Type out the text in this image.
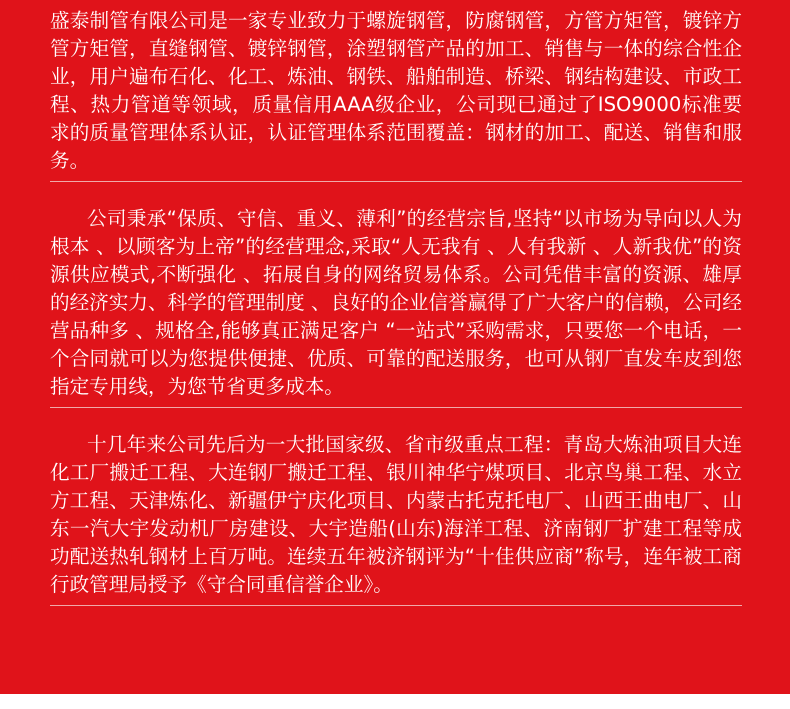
盛泰制管有限公司是一家专业致力于螺旋钢管，防腐钢管，方管方矩管，镀锌方管方矩管，直缝钢管、镀锌钢管，涂塑钢管产品的加工、销售与一体的综合性企业，用户遍布石化、化工、炼油、钢铁、船舶制造、桥梁、钢结构建设、市政工程、热力管道等领域，质量信用AAA级企业，公司现已通过了ISO9000标准要求的质量管理体系认证，认证管理体系范围覆盖：钢材的加工、配送、销售和服务。

公司秉承“保质、守信、重义、薄利”的经营宗旨,坚持“以市场为导向以人为根本 、以顾客为上帝”的经营理念,采取“人无我有 、人有我新 、人新我优”的资源供应模式,不断强化 、拓展自身的网络贸易体系。公司凭借丰富的资源、雄厚的经济实力、科学的管理制度 、良好的企业信誉赢得了广大客户的信赖，公司经营品种多 、规格全,能够真正满足客户 “一站式”采购需求，只要您一个电话，一个合同就可以为您提供便捷、优质、可靠的配送服务，也可从钢厂直发车皮到您指定专用线，为您节省更多成本。

十几年来公司先后为一大批国家级、省市级重点工程：青岛大炼油项目大连化工厂搬迁工程、大连钢厂搬迁工程、银川神华宁煤项目、北京鸟巢工程、水立方工程、天津炼化、新疆伊宁庆化项目、内蒙古托克托电厂、山西王曲电厂、山东一汽大宇发动机厂房建设、大宇造船(山东)海洋工程、济南钢厂扩建工程等成功配送热轧钢材上百万吨。连续五年被济钢评为“十佳供应商”称号，连年被工商行政管理局授予《守合同重信誉企业》。
